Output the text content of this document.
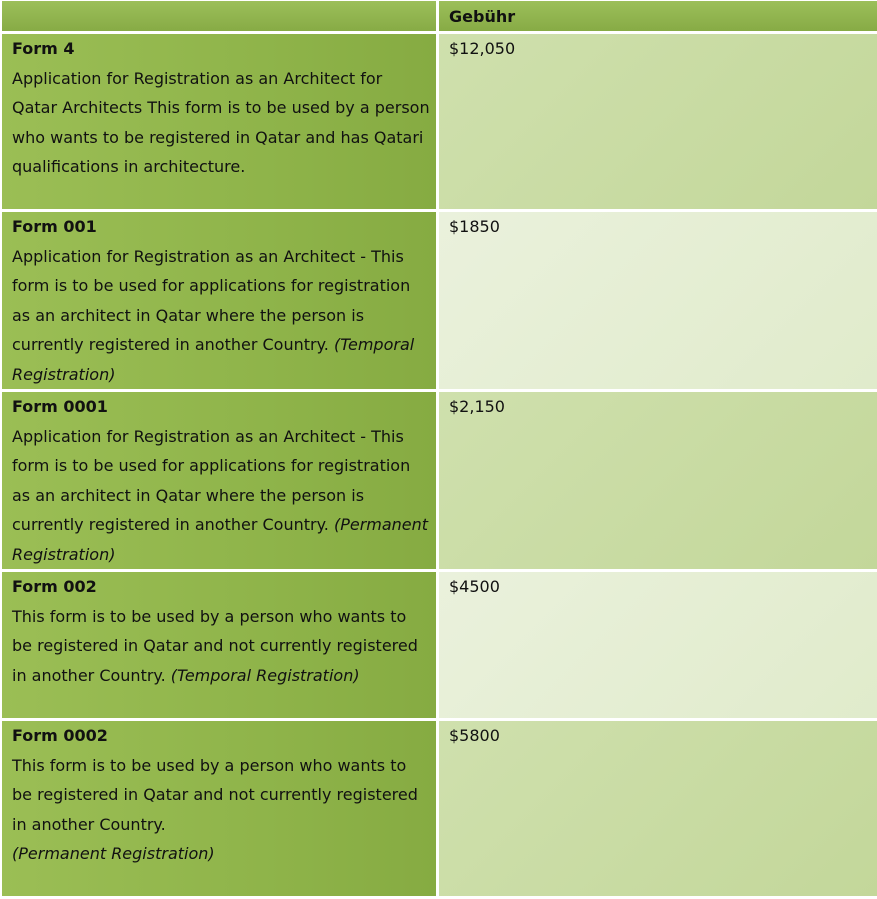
	Gebühr

Form 4
Application for Registration as an Architect for Qatar Architects This form is to be used by a person who wants to be registered in Qatar and has Qatari qualifications in architecture.	$12,050

Form 001
Application for Registration as an Architect - This form is to be used for applications for registration as an architect in Qatar where the person is currently registered in another Country. (Temporal Registration)	$1850

Form 0001
Application for Registration as an Architect - This form is to be used for applications for registration as an architect in Qatar where the person is currently registered in another Country. (Permanent Registration)	$2,150

Form 002
This form is to be used by a person who wants to be registered in Qatar and not currently registered in another Country. (Temporal Registration)	$4500

Form 0002
This form is to be used by a person who wants to be registered in Qatar and not currently registered in another Country.
(Permanent Registration)	$5800
